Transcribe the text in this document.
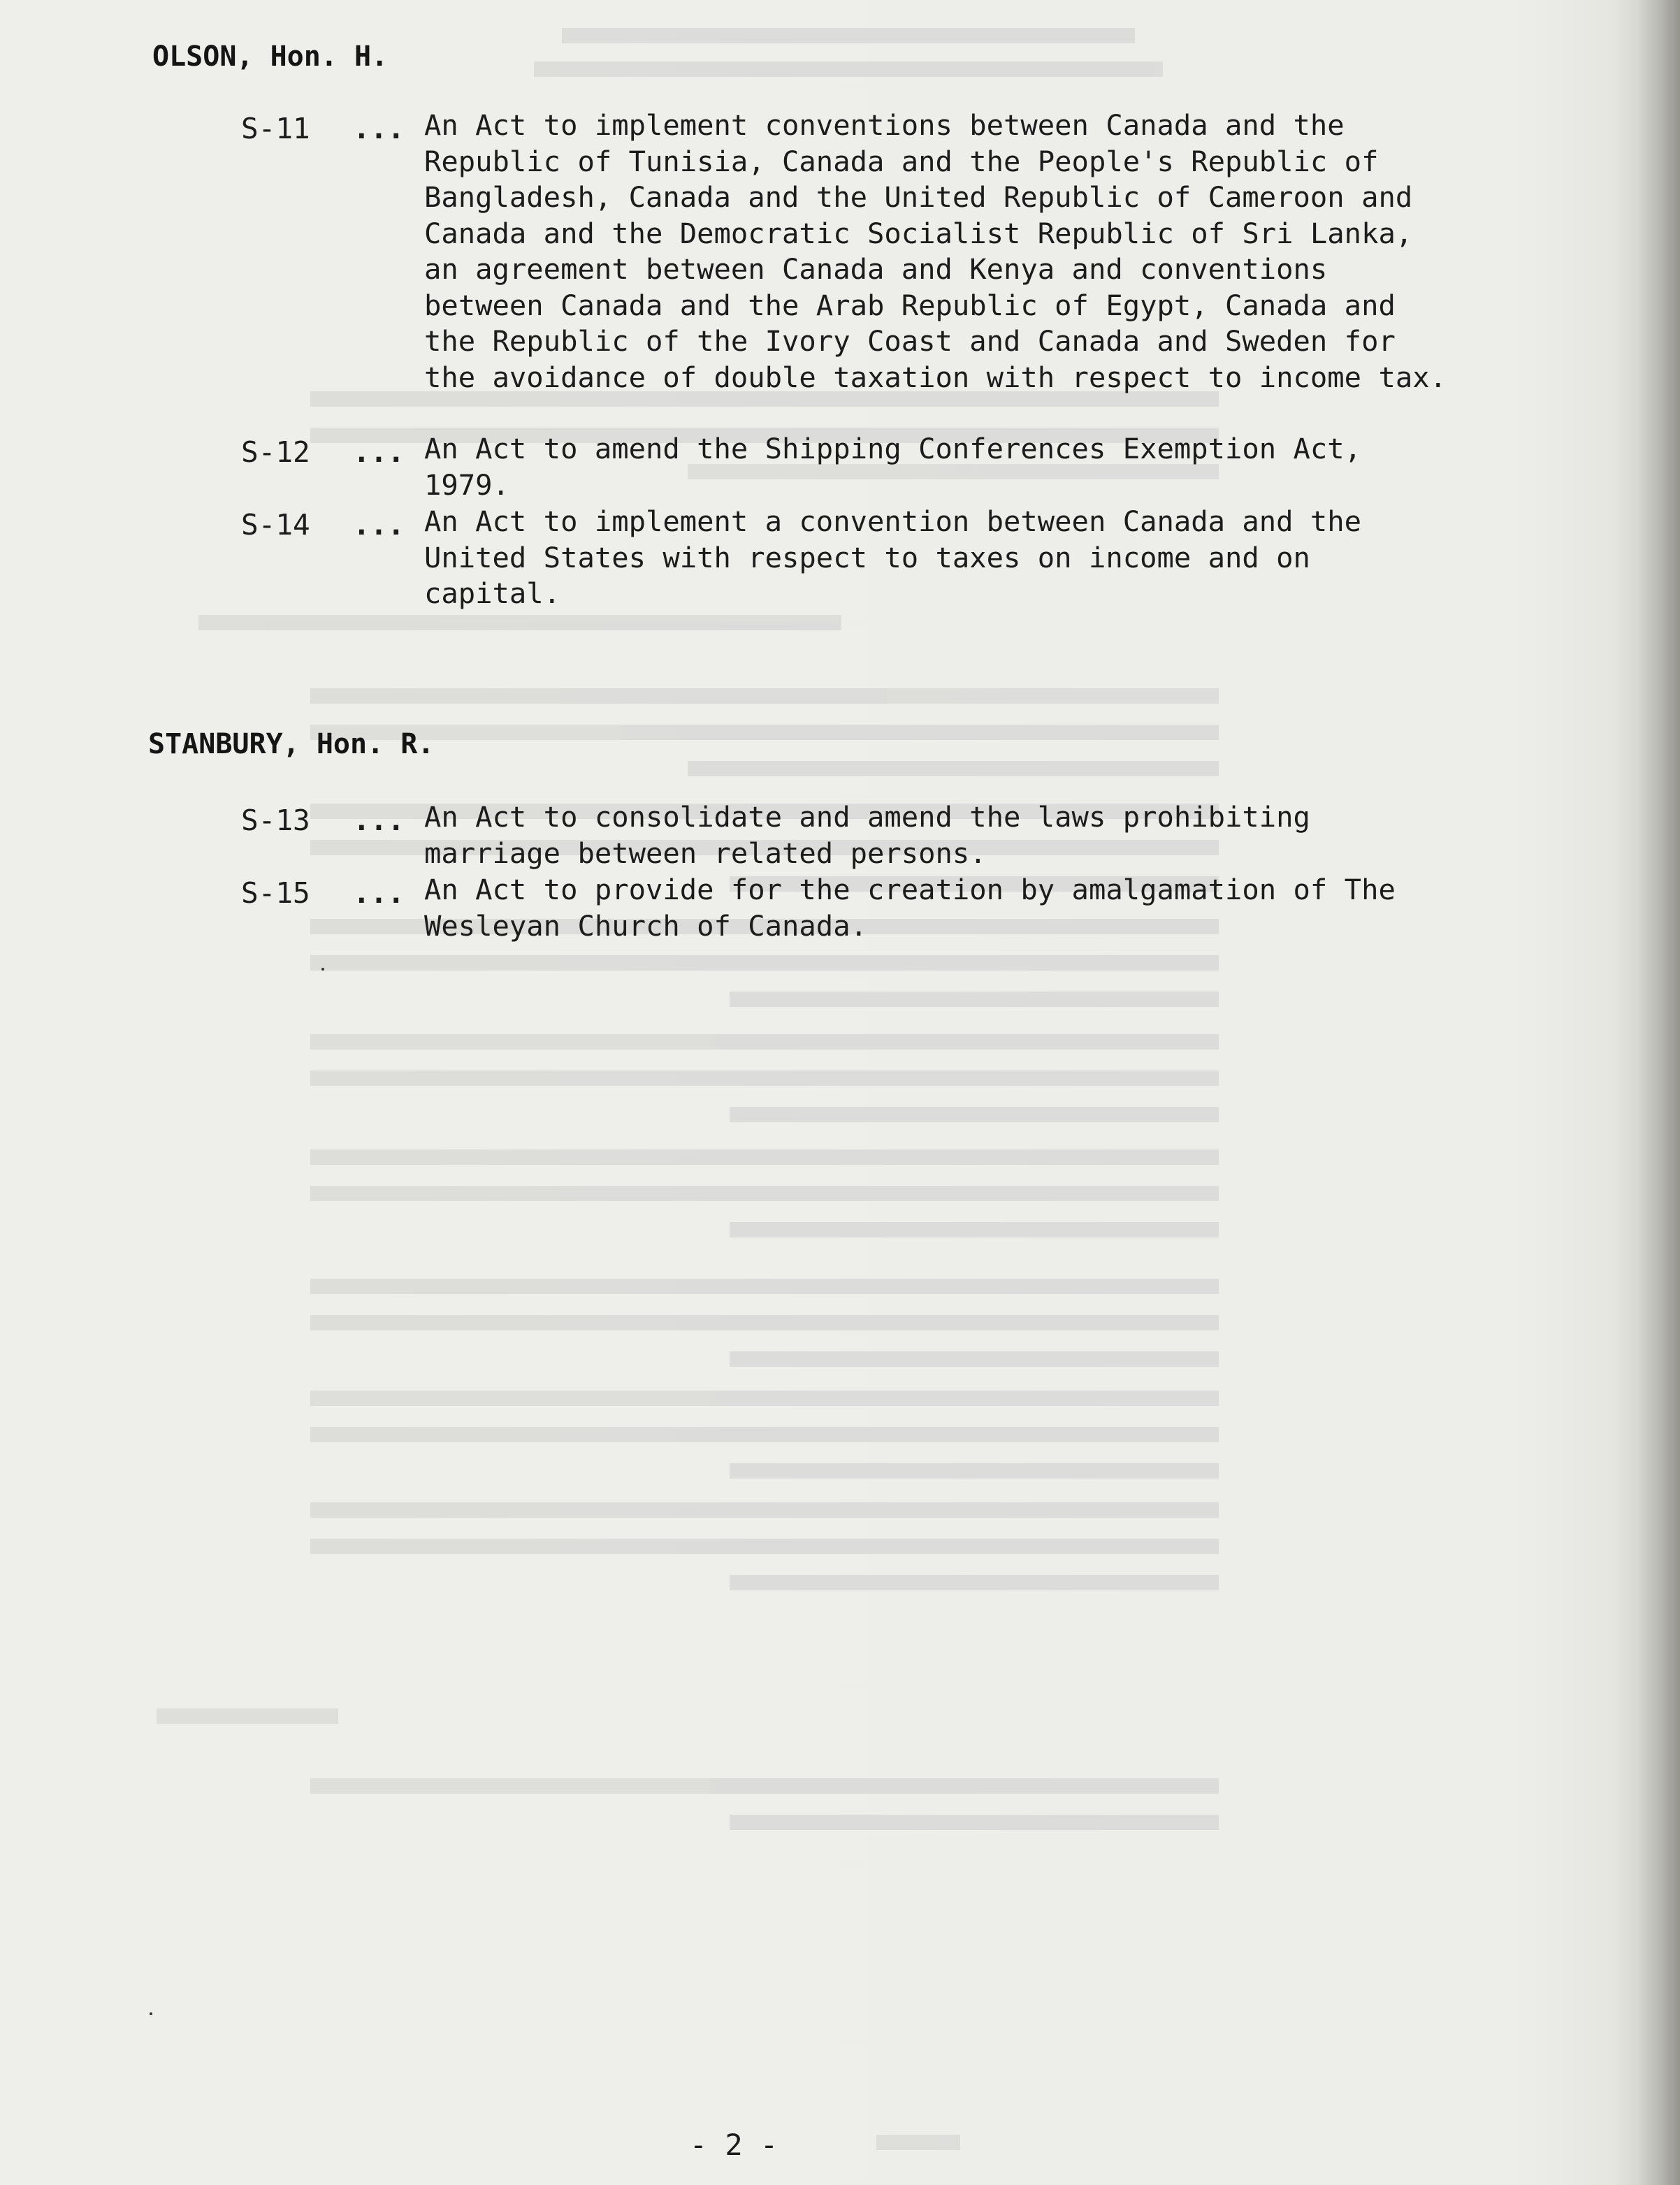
OLSON, Hon. H.
S-11 ... An Act to implement conventions between Canada and the Republic of Tunisia, Canada and the People's Republic of Bangladesh, Canada and the United Republic of Cameroon and Canada and the Democratic Socialist Republic of Sri Lanka, an agreement between Canada and Kenya and conventions between Canada and the Arab Republic of Egypt, Canada and the Republic of the Ivory Coast and Canada and Sweden for the avoidance of double taxation with respect to income tax.
S-12 ... An Act to amend the Shipping Conferences Exemption Act, 1979.
S-14 ... An Act to implement a convention between Canada and the United States with respect to taxes on income and on capital.
STANBURY, Hon. R.
S-13 ... An Act to consolidate and amend the laws prohibiting marriage between related persons.
S-15 ... An Act to provide for the creation by amalgamation of The Wesleyan Church of Canada.
- 2 -
